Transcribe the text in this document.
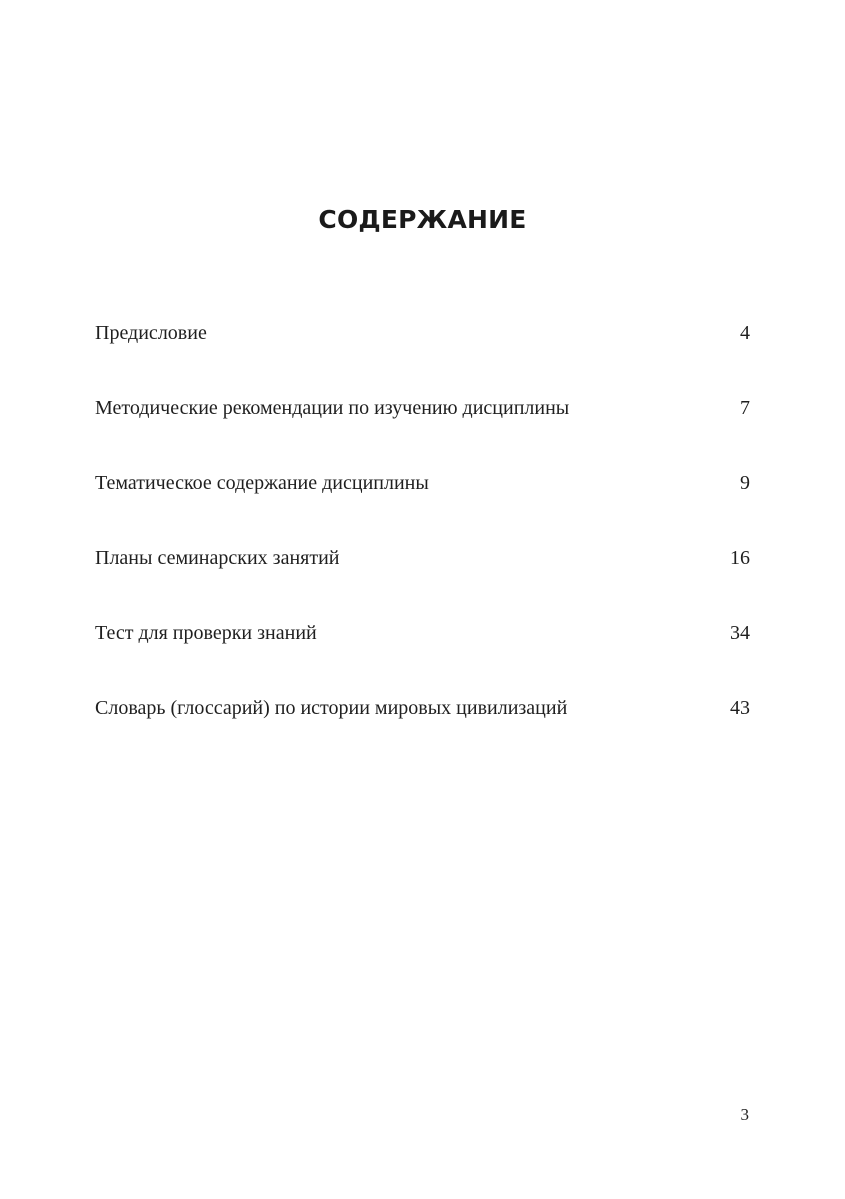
СОДЕРЖАНИЕ
Предисловие	4
Методические рекомендации по изучению дисциплины	7
Тематическое содержание дисциплины	9
Планы семинарских занятий	16
Тест для проверки знаний	34
Словарь (глоссарий) по истории мировых цивилизаций	43
3
